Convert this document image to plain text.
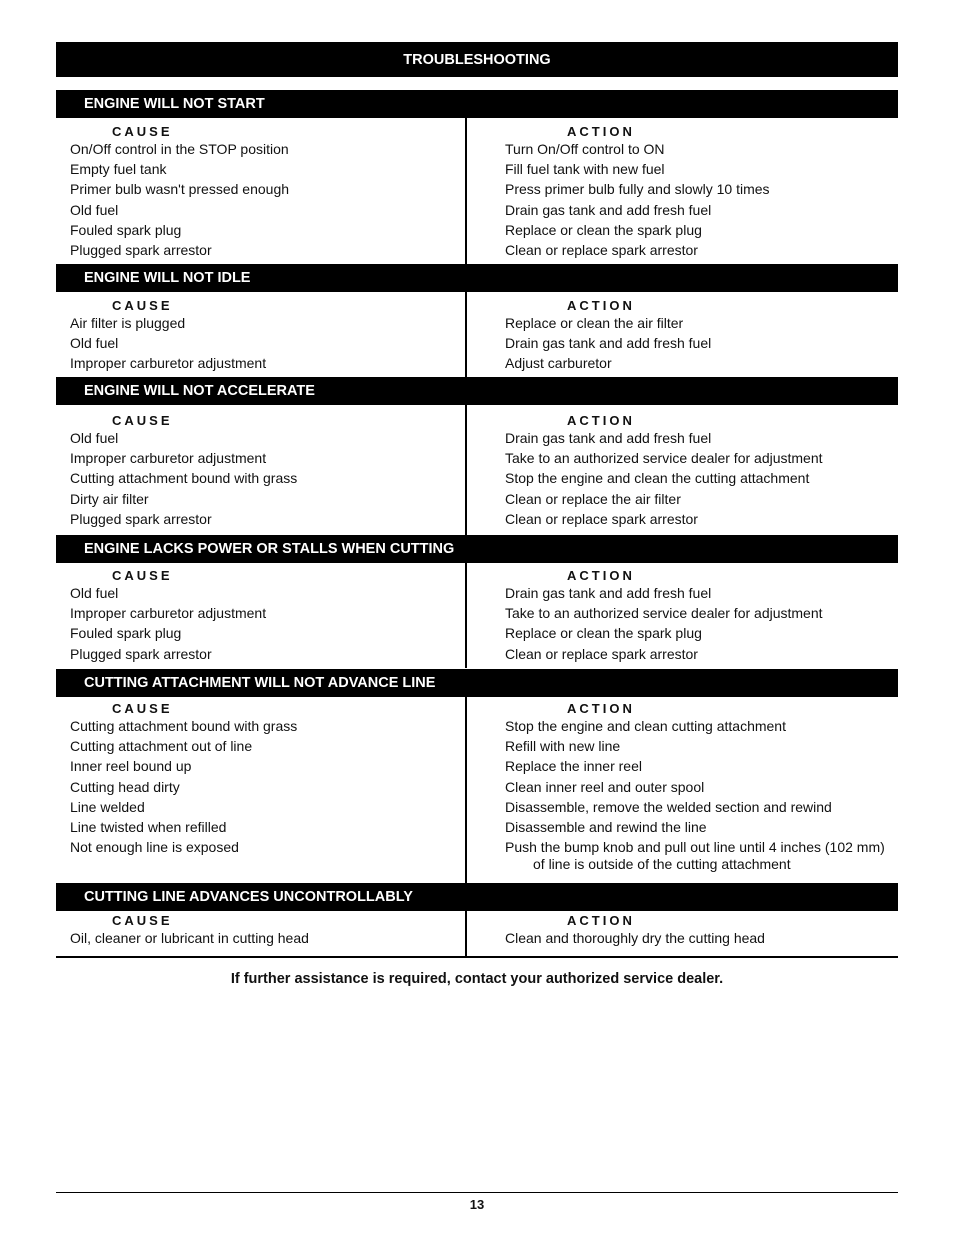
TROUBLESHOOTING
ENGINE WILL NOT START
CAUSE
On/Off control in the STOP position
Empty fuel tank
Primer bulb wasn't pressed enough
Old fuel
Fouled spark plug
Plugged spark arrestor
ACTION
Turn On/Off control to ON
Fill fuel tank with new fuel
Press primer bulb fully and slowly 10 times
Drain gas tank and add fresh fuel
Replace or clean the spark plug
Clean or replace spark arrestor
ENGINE WILL NOT IDLE
CAUSE
Air filter is plugged
Old fuel
Improper carburetor adjustment
ACTION
Replace or clean the air filter
Drain gas tank and add fresh fuel
Adjust carburetor
ENGINE WILL NOT ACCELERATE
CAUSE
Old fuel
Improper carburetor adjustment
Cutting attachment bound with grass
Dirty air filter
Plugged spark arrestor
ACTION
Drain gas tank and add fresh fuel
Take to an authorized service dealer for adjustment
Stop the engine and clean the cutting attachment
Clean or replace the air filter
Clean or replace spark arrestor
ENGINE LACKS POWER OR STALLS WHEN CUTTING
CAUSE
Old fuel
Improper carburetor adjustment
Fouled spark plug
Plugged spark arrestor
ACTION
Drain gas tank and add fresh fuel
Take to an authorized service dealer for adjustment
Replace or clean the spark plug
Clean or replace spark arrestor
CUTTING ATTACHMENT WILL NOT ADVANCE LINE
CAUSE
Cutting attachment bound with grass
Cutting attachment out of line
Inner reel bound up
Cutting head dirty
Line welded
Line twisted when refilled
Not enough line is exposed
ACTION
Stop the engine and clean cutting attachment
Refill with new line
Replace the inner reel
Clean inner reel and outer spool
Disassemble, remove the welded section and rewind
Disassemble and rewind the line
Push the bump knob and pull out line until 4 inches (102 mm)
of line is outside of the cutting attachment
CUTTING LINE ADVANCES UNCONTROLLABLY
CAUSE
Oil, cleaner or lubricant in cutting head
ACTION
Clean and thoroughly dry the cutting head
If further assistance is required, contact your authorized service dealer.
13
